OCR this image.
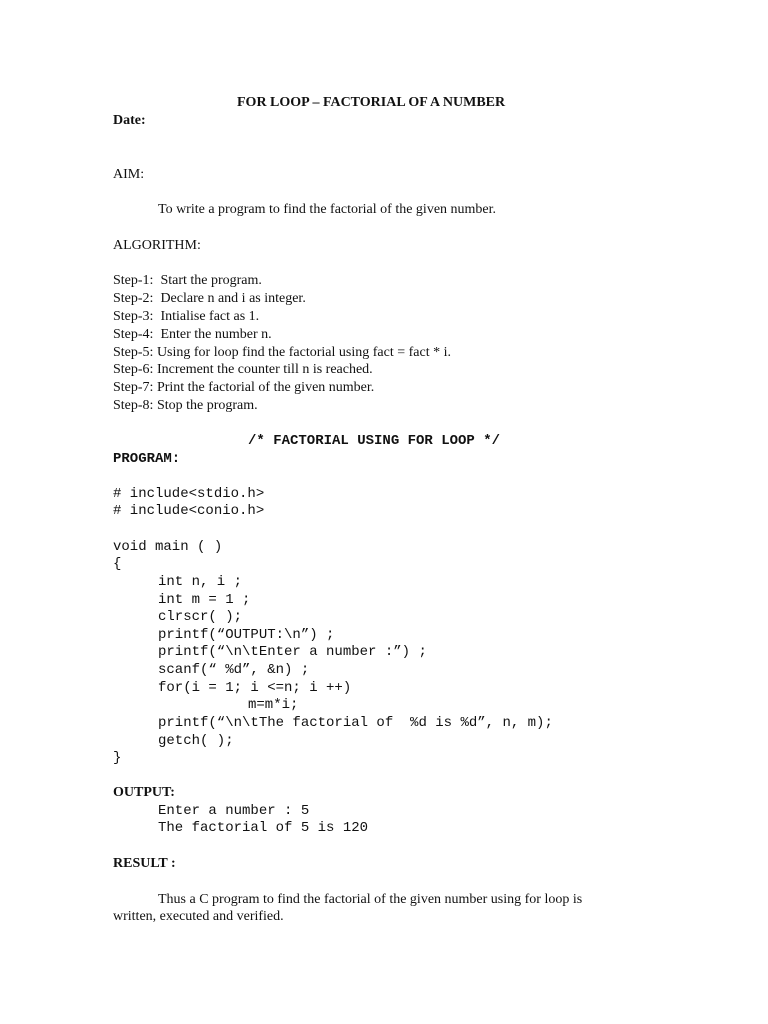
FOR LOOP – FACTORIAL OF A NUMBER
Date:
AIM:
To write a program to find the factorial of the given number.
ALGORITHM:
Step-1:  Start the program.
Step-2:  Declare n and i as integer.
Step-3:  Intialise fact as 1.
Step-4:  Enter the number n.
Step-5: Using for loop find the factorial using fact = fact * i.
Step-6: Increment the counter till n is reached.
Step-7: Print the factorial of the given number.
Step-8: Stop the program.
/* FACTORIAL USING FOR LOOP */
PROGRAM:
# include<stdio.h>
# include<conio.h>
void main ( )
{
int n, i ;
int m = 1 ;
clrscr( );
printf(“OUTPUT:\n”) ;
printf(“\n\tEnter a number :”) ;
scanf(“ %d”, &n) ;
for(i = 1; i <=n; i ++)
m=m*i;
printf(“\n\tThe factorial of  %d is %d”, n, m);
getch( );
}
OUTPUT:
Enter a number : 5
The factorial of 5 is 120
RESULT :
Thus a C program to find the factorial of the given number using for loop is
written, executed and verified.
